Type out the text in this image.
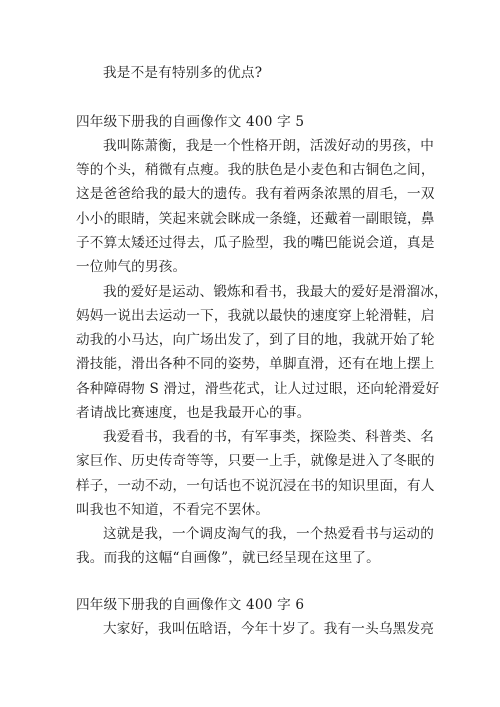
我是不是有特别多的优点?
四年级下册我的自画像作文 400 字 5
我叫陈萧衡，我是一个性格开朗，活泼好动的男孩，中
等的个头，稍微有点瘦。我的肤色是小麦色和古铜色之间，
这是爸爸给我的最大的遗传。我有着两条浓黑的眉毛，一双
小小的眼睛，笑起来就会眯成一条缝，还戴着一副眼镜，鼻
子不算太矮还过得去，瓜子脸型，我的嘴巴能说会道，真是
一位帅气的男孩。
我的爱好是运动、锻炼和看书，我最大的爱好是滑溜冰，
妈妈一说出去运动一下，我就以最快的速度穿上轮滑鞋，启
动我的小马达，向广场出发了，到了目的地，我就开始了轮
滑技能，滑出各种不同的姿势，单脚直滑，还有在地上摆上
各种障碍物 S 滑过，滑些花式，让人过过眼，还向轮滑爱好
者请战比赛速度，也是我最开心的事。
我爱看书，我看的书，有军事类，探险类、科普类、名
家巨作、历史传奇等等，只要一上手，就像是进入了冬眠的
样子，一动不动，一句话也不说沉浸在书的知识里面，有人
叫我也不知道，不看完不罢休。
这就是我，一个调皮淘气的我，一个热爱看书与运动的
我。而我的这幅“自画像”，就已经呈现在这里了。
四年级下册我的自画像作文 400 字 6
大家好，我叫伍晗语，今年十岁了。我有一头乌黑发亮
